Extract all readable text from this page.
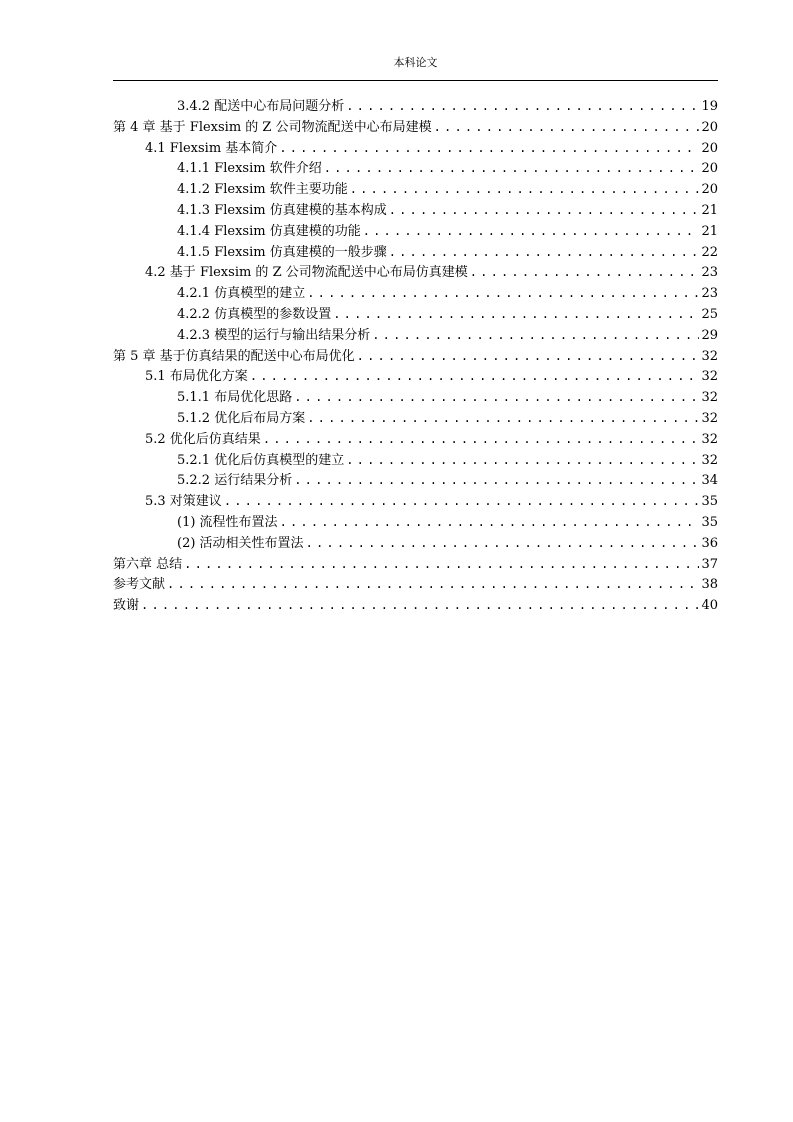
本科论文
3.4.2 配送中心布局问题分析 .....	19
第 4 章 基于 Flexsim 的 Z 公司物流配送中心布局建模 .....	20
4.1 Flexsim 基本简介 .....	20
4.1.1 Flexsim 软件介绍 .....	20
4.1.2 Flexsim 软件主要功能 .....	20
4.1.3 Flexsim 仿真建模的基本构成 .....	21
4.1.4 Flexsim 仿真建模的功能 .....	21
4.1.5 Flexsim 仿真建模的一般步骤 .....	22
4.2 基于 Flexsim 的 Z 公司物流配送中心布局仿真建模 .....	23
4.2.1 仿真模型的建立 .....	23
4.2.2 仿真模型的参数设置 .....	25
4.2.3 模型的运行与输出结果分析 .....	29
第 5 章 基于仿真结果的配送中心布局优化 .....	32
5.1 布局优化方案 .....	32
5.1.1 布局优化思路 .....	32
5.1.2 优化后布局方案 .....	32
5.2 优化后仿真结果 .....	32
5.2.1 优化后仿真模型的建立 .....	32
5.2.2 运行结果分析 .....	34
5.3 对策建议 .....	35
(1) 流程性布置法 .....	35
(2) 活动相关性布置法 .....	36
第六章 总结 .....	37
参考文献 .....	38
致谢 .....	40
